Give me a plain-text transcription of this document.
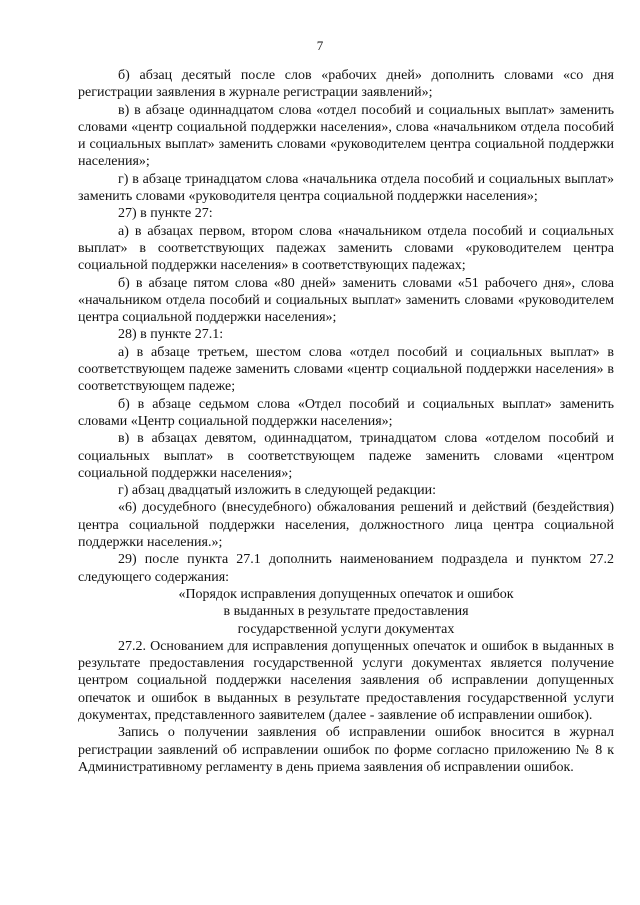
7

б) абзац десятый после слов «рабочих дней» дополнить словами «со дня регистрации заявления в журнале регистрации заявлений»;

в) в абзаце одиннадцатом слова «отдел пособий и социальных выплат» заменить словами «центр социальной поддержки населения», слова «начальником отдела пособий и социальных выплат» заменить словами «руководителем центра социальной поддержки населения»;

г) в абзаце тринадцатом слова «начальника отдела пособий и социальных выплат» заменить словами «руководителя центра социальной поддержки населения»;

27) в пункте 27:

а) в абзацах первом, втором слова «начальником отдела пособий и социальных выплат» в соответствующих падежах заменить словами «руководителем центра социальной поддержки населения» в соответствующих падежах;

б) в абзаце пятом слова «80 дней» заменить словами «51 рабочего дня», слова «начальником отдела пособий и социальных выплат» заменить словами «руководителем центра социальной поддержки населения»;

28) в пункте 27.1:

а) в абзаце третьем, шестом слова «отдел пособий и социальных выплат» в соответствующем падеже заменить словами «центр социальной поддержки населения» в соответствующем падеже;

б) в абзаце седьмом слова «Отдел пособий и социальных выплат» заменить словами «Центр социальной поддержки населения»;

в) в абзацах девятом, одиннадцатом, тринадцатом слова «отделом пособий и социальных выплат» в соответствующем падеже заменить словами «центром социальной поддержки населения»;

г) абзац двадцатый изложить в следующей редакции:

«6) досудебного (внесудебного) обжалования решений и действий (бездействия) центра социальной поддержки населения, должностного лица центра социальной поддержки населения.»;

29) после пункта 27.1 дополнить наименованием подраздела и пунктом 27.2 следующего содержания:

«Порядок исправления допущенных опечаток и ошибок

в выданных в результате предоставления

государственной услуги документах

27.2. Основанием для исправления допущенных опечаток и ошибок в выданных в результате предоставления государственной услуги документах является получение центром социальной поддержки населения заявления об исправлении допущенных опечаток и ошибок в выданных в результате предоставления государственной услуги документах, представленного заявителем (далее - заявление об исправлении ошибок).

Запись о получении заявления об исправлении ошибок вносится в журнал регистрации заявлений об исправлении ошибок по форме согласно приложению № 8 к Административному регламенту в день приема заявления об исправлении ошибок.
